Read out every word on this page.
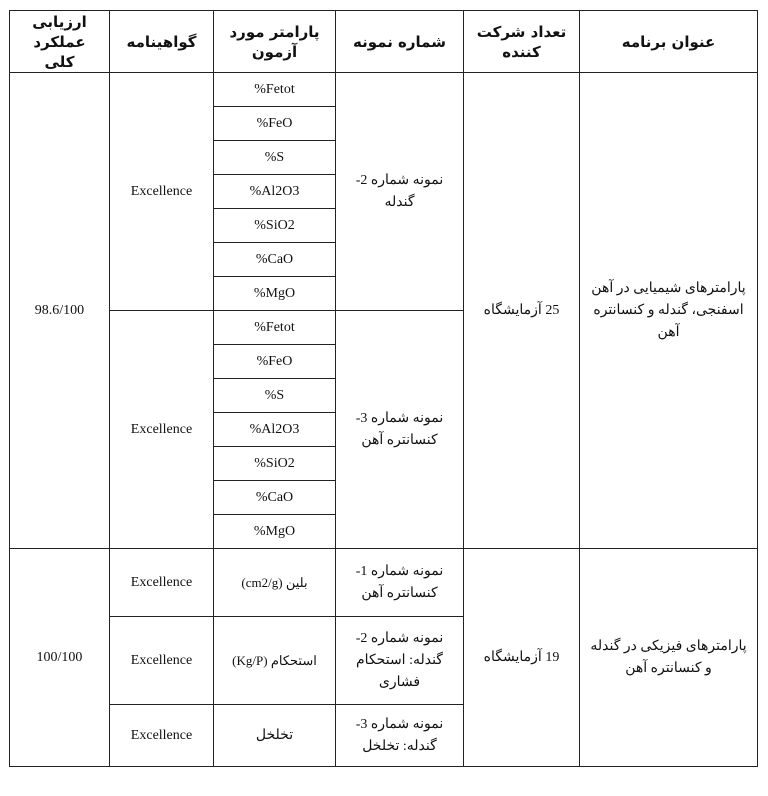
ارزیابی عملکرد کلی	گواهینامه	پارامتر مورد آزمون	شماره نمونه	تعداد شرکت کننده	عنوان برنامه
98.6/100	Excellence	%Fetot	نمونه شماره 2- گندله	25 آزمایشگاه	پارامترهای شیمیایی در آهن اسفنجی، گندله و کنسانتره آهن
		%FeO			
		%S			
		%Al2O3			
		%SiO2			
		%CaO			
		%MgO			
	Excellence	%Fetot	نمونه شماره 3- کنسانتره آهن		
		%FeO			
		%S			
		%Al2O3			
		%SiO2			
		%CaO			
		%MgO			
100/100	Excellence	بلین (cm2/g)	نمونه شماره 1- کنسانتره آهن	19 آزمایشگاه	پارامترهای فیزیکی در گندله و کنسانتره آهن
	Excellence	استحکام (Kg/P)	نمونه شماره 2- گندله: استحکام فشاری		
	Excellence	تخلخل	نمونه شماره 3- گندله: تخلخل		
